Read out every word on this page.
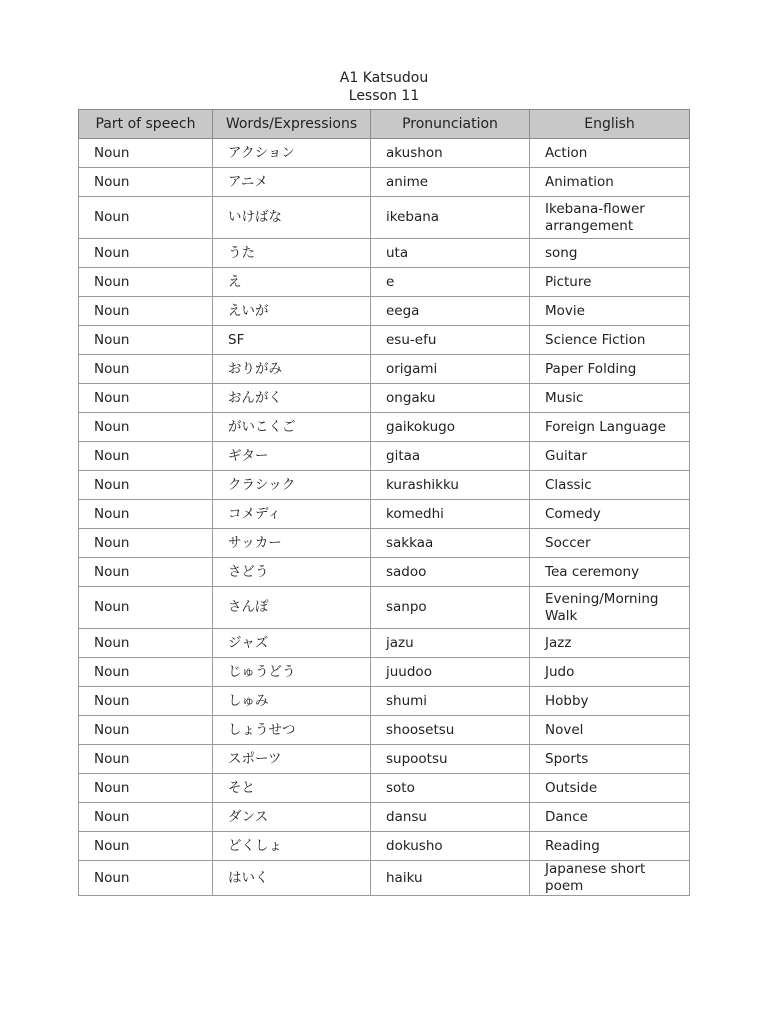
A1 Katsudou
Lesson 11
Part of speech	Words/Expressions	Pronunciation	English
Noun	アクション	akushon	Action
Noun	アニメ	anime	Animation
Noun	いけばな	ikebana	Ikebana-flower arrangement
Noun	うた	uta	song
Noun	え	e	Picture
Noun	えいが	eega	Movie
Noun	SF	esu-efu	Science Fiction
Noun	おりがみ	origami	Paper Folding
Noun	おんがく	ongaku	Music
Noun	がいこくご	gaikokugo	Foreign Language
Noun	ギター	gitaa	Guitar
Noun	クラシック	kurashikku	Classic
Noun	コメディ	komedhi	Comedy
Noun	サッカー	sakkaa	Soccer
Noun	さどう	sadoo	Tea ceremony
Noun	さんぽ	sanpo	Evening/Morning Walk
Noun	ジャズ	jazu	Jazz
Noun	じゅうどう	juudoo	Judo
Noun	しゅみ	shumi	Hobby
Noun	しょうせつ	shoosetsu	Novel
Noun	スポーツ	supootsu	Sports
Noun	そと	soto	Outside
Noun	ダンス	dansu	Dance
Noun	どくしょ	dokusho	Reading
Noun	はいく	haiku	Japanese short poem
